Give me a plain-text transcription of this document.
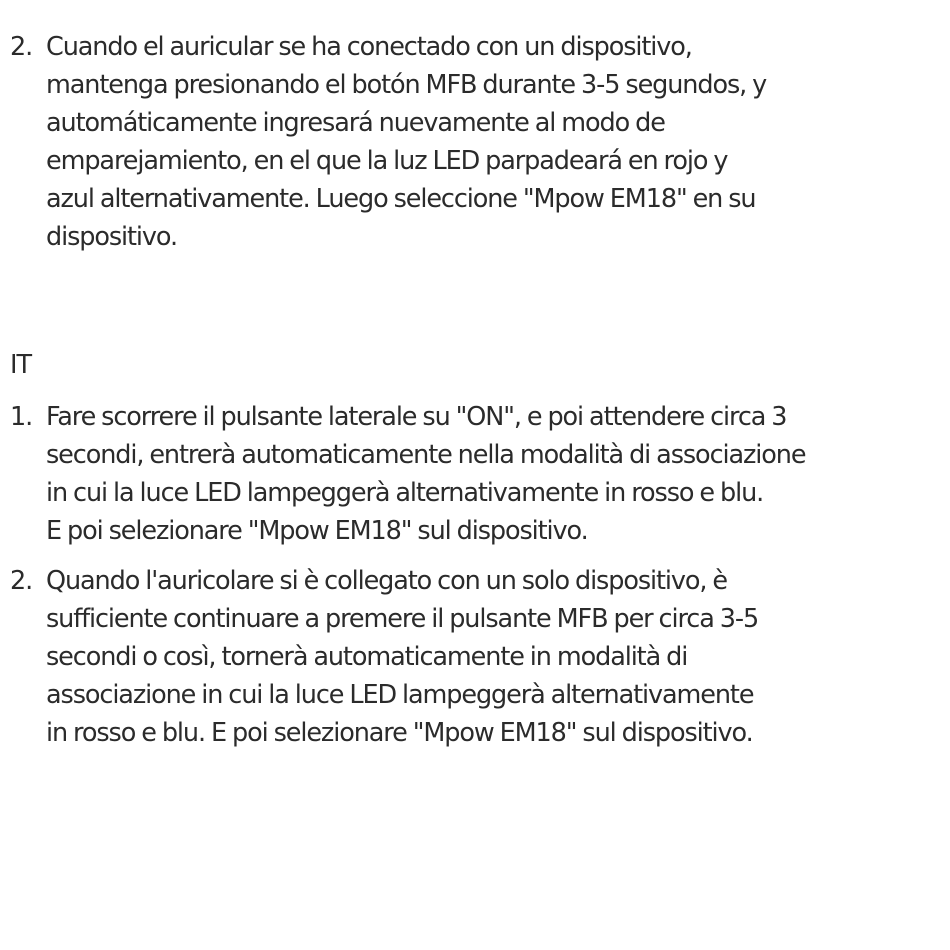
2. Cuando el auricular se ha conectado con un dispositivo,
mantenga presionando el botón MFB durante 3-5 segundos, y
automáticamente ingresará nuevamente al modo de
emparejamiento, en el que la luz LED parpadeará en rojo y
azul alternativamente. Luego seleccione "Mpow EM18" en su
dispositivo.
IT
1. Fare scorrere il pulsante laterale su "ON", e poi attendere circa 3
secondi, entrerà automaticamente nella modalità di associazione
in cui la luce LED lampeggerà alternativamente in rosso e blu.
E poi selezionare "Mpow EM18" sul dispositivo.
2. Quando l'auricolare si è collegato con un solo dispositivo, è
sufficiente continuare a premere il pulsante MFB per circa 3-5
secondi o così, tornerà automaticamente in modalità di
associazione in cui la luce LED lampeggerà alternativamente
in rosso e blu. E poi selezionare "Mpow EM18" sul dispositivo.
